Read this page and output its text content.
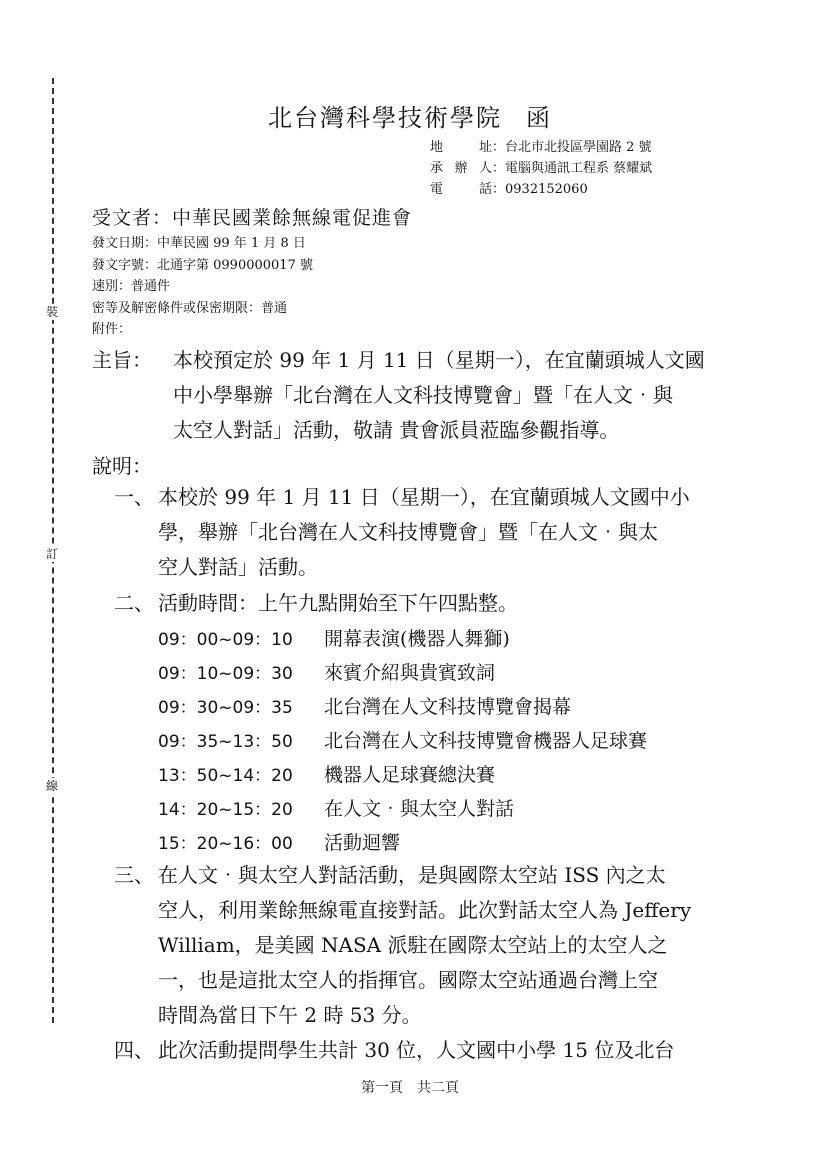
裝
訂
線
北台灣科學技術學院 函
地　址：台北市北投區學園路 2 號
承辦人：電腦與通訊工程系 蔡耀斌
電　話：0932152060
受文者：中華民國業餘無線電促進會
發文日期：中華民國 99 年 1 月 8 日
發文字號：北通字第 0990000017 號
速別：普通件
密等及解密條件或保密期限：普通
附件：
主旨： 本校預定於 99 年 1 月 11 日（星期一），在宜蘭頭城人文國
中小學舉辦「北台灣在人文科技博覽會」暨「在人文‧與
太空人對話」活動，敬請 貴會派員蒞臨參觀指導。
說明：
一、 本校於 99 年 1 月 11 日（星期一），在宜蘭頭城人文國中小
學，舉辦「北台灣在人文科技博覽會」暨「在人文‧與太
空人對話」活動。
二、 活動時間：上午九點開始至下午四點整。
09：00~09：10 開幕表演(機器人舞獅)
09：10~09：30 來賓介紹與貴賓致詞
09：30~09：35 北台灣在人文科技博覽會揭幕
09：35~13：50 北台灣在人文科技博覽會機器人足球賽
13：50~14：20 機器人足球賽總決賽
14：20~15：20 在人文‧與太空人對話
15：20~16：00 活動迴響
三、 在人文‧與太空人對話活動，是與國際太空站 ISS 內之太
空人，利用業餘無線電直接對話。此次對話太空人為 Jeffery
William，是美國 NASA 派駐在國際太空站上的太空人之
一，也是這批太空人的指揮官。國際太空站通過台灣上空
時間為當日下午 2 時 53 分。
四、 此次活動提問學生共計 30 位，人文國中小學 15 位及北台
第一頁　共二頁
